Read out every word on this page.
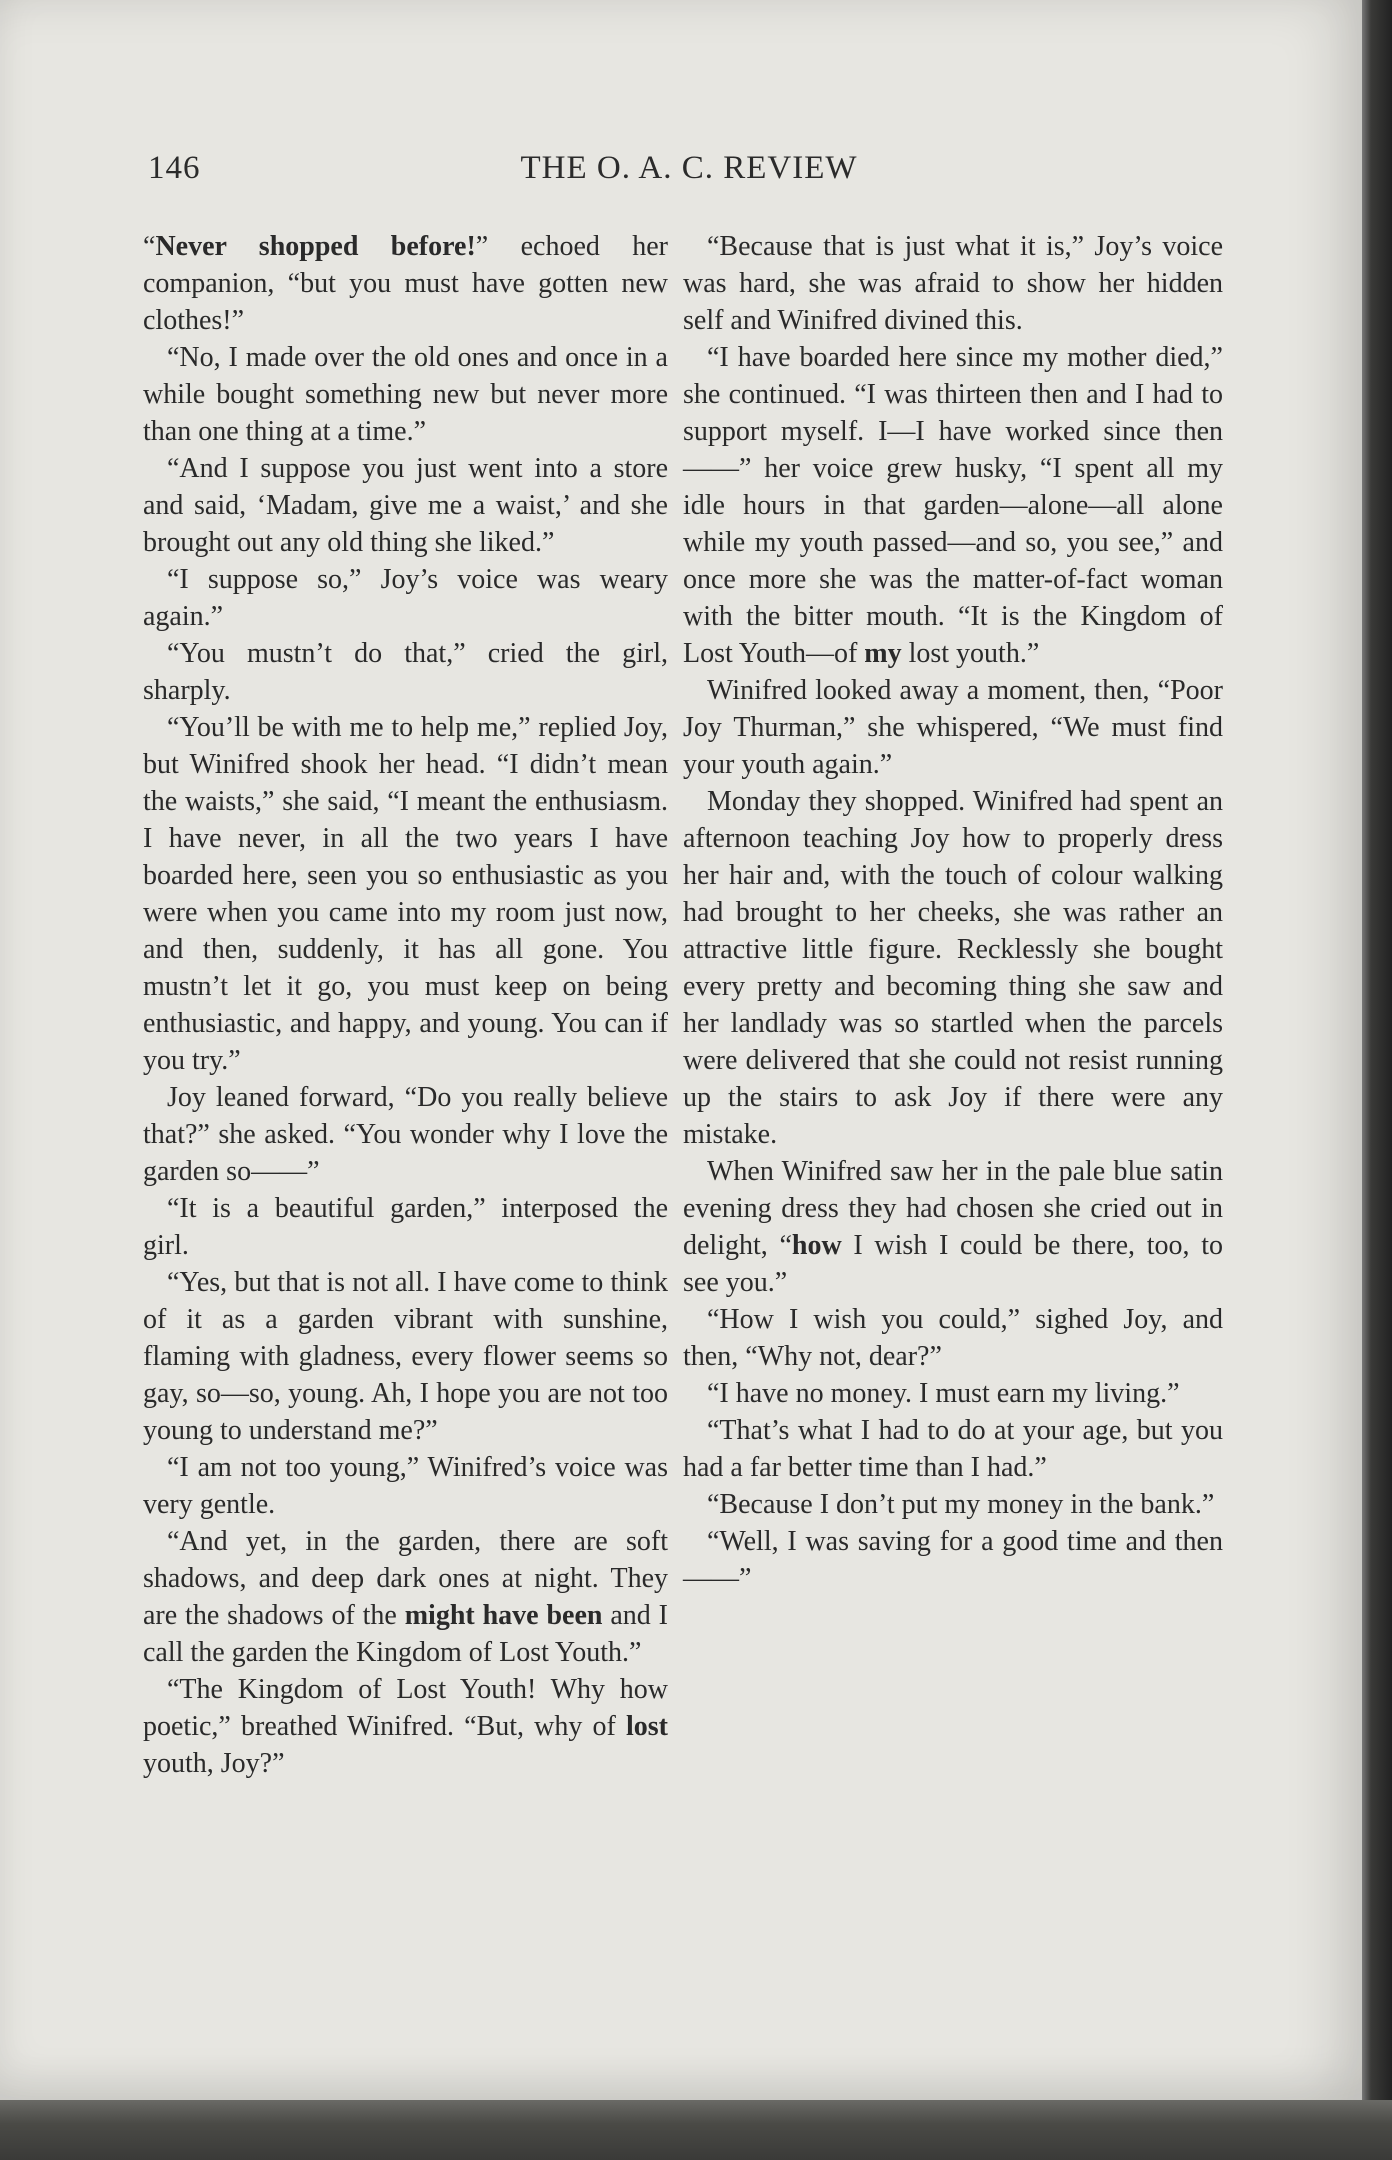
146	THE O. A. C. REVIEW

“Never shopped before!” echoed her companion, “but you must have gotten new clothes!”

“No, I made over the old ones and once in a while bought something new but never more than one thing at a time.”

“And I suppose you just went into a store and said, ‘Madam, give me a waist,’ and she brought out any old thing she liked.”

“I suppose so,” Joy’s voice was weary again.”

“You mustn’t do that,” cried the girl, sharply.

“You’ll be with me to help me,” replied Joy, but Winifred shook her head. “I didn’t mean the waists,” she said, “I meant the enthusiasm. I have never, in all the two years I have boarded here, seen you so enthusiastic as you were when you came into my room just now, and then, suddenly, it has all gone. You mustn’t let it go, you must keep on being enthusiastic, and happy, and young. You can if you try.”

Joy leaned forward, “Do you really believe that?” she asked. “You wonder why I love the garden so——”

“It is a beautiful garden,” interposed the girl.

“Yes, but that is not all. I have come to think of it as a garden vibrant with sunshine, flaming with gladness, every flower seems so gay, so—so, young. Ah, I hope you are not too young to understand me?”

“I am not too young,” Winifred’s voice was very gentle.

“And yet, in the garden, there are soft shadows, and deep dark ones at night. They are the shadows of the might have been and I call the garden the Kingdom of Lost Youth.”

“The Kingdom of Lost Youth! Why how poetic,” breathed Winifred. “But, why of lost youth, Joy?”

“Because that is just what it is,” Joy’s voice was hard, she was afraid to show her hidden self and Winifred divined this.

“I have boarded here since my mother died,” she continued. “I was thirteen then and I had to support myself. I—I have worked since then——” her voice grew husky, “I spent all my idle hours in that garden—alone—all alone while my youth passed—and so, you see,” and once more she was the matter-of-fact woman with the bitter mouth. “It is the Kingdom of Lost Youth—of my lost youth.”

Winifred looked away a moment, then, “Poor Joy Thurman,” she whispered, “We must find your youth again.”

Monday they shopped. Winifred had spent an afternoon teaching Joy how to properly dress her hair and, with the touch of colour walking had brought to her cheeks, she was rather an attractive little figure. Recklessly she bought every pretty and becoming thing she saw and her landlady was so startled when the parcels were delivered that she could not resist running up the stairs to ask Joy if there were any mistake.

When Winifred saw her in the pale blue satin evening dress they had chosen she cried out in delight, “how I wish I could be there, too, to see you.”

“How I wish you could,” sighed Joy, and then, “Why not, dear?”

“I have no money. I must earn my living.”

“That’s what I had to do at your age, but you had a far better time than I had.”

“Because I don’t put my money in the bank.”

“Well, I was saving for a good time and then——”
